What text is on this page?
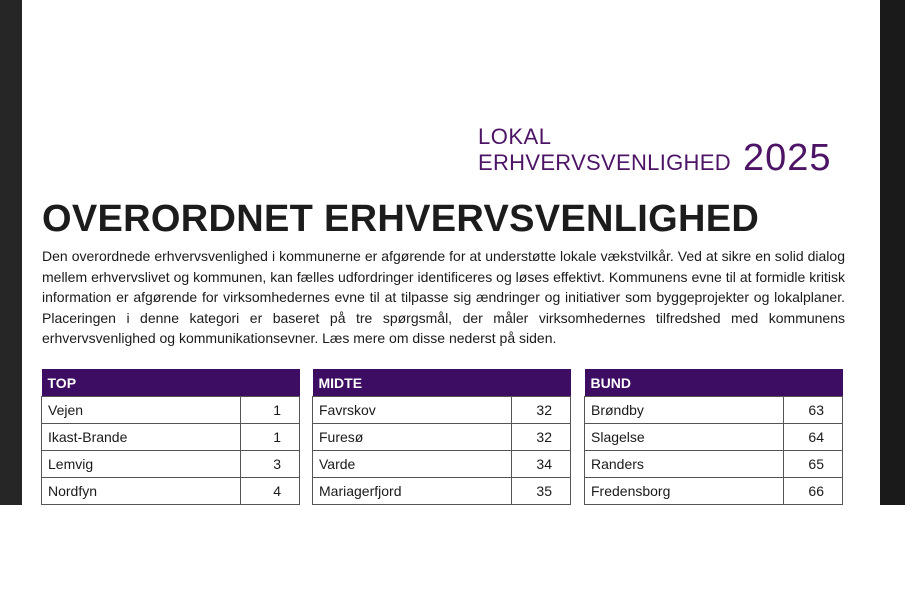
LOKAL
ERHVERVSVENLIGHED 2025
OVERORDNET ERHVERVSVENLIGHED

Den overordnede erhvervsvenlighed i kommunerne er afgørende for at understøtte lokale vækstvilkår. Ved at sikre en solid dialog mellem erhvervslivet og kommunen, kan fælles udfordringer identificeres og løses effektivt. Kommunens evne til at formidle kritisk information er afgørende for virksomhedernes evne til at tilpasse sig ændringer og initiativer som byggeprojekter og lokalplaner. Placeringen i denne kategori er baseret på tre spørgsmål, der måler virksomhedernes tilfredshed med kommunens erhvervsvenlighed og kommunikationsevner. Læs mere om disse nederst på siden.

TOP	
Vejen	1
Ikast-Brande	1
Lemvig	3
Nordfyn	4
MIDTE	
Favrskov	32
Furesø	32
Varde	34
Mariagerfjord	35
BUND	
Brøndby	63
Slagelse	64
Randers	65
Fredensborg	66
